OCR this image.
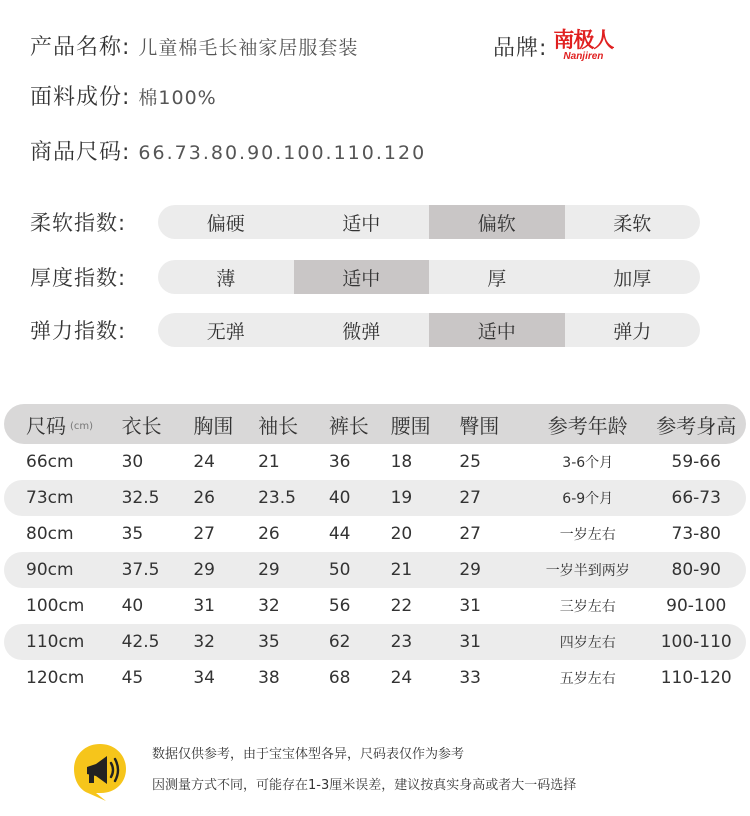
产品名称: 儿童棉毛长袖家居服套装	品牌: 南极人
Nanjiren
面料成份: 棉100%
商品尺码: 66.73.80.90.100.110.120
柔软指数:	偏硬	适中	偏软	柔软
厚度指数:	薄	适中	厚	加厚
弹力指数:	无弹	微弹	适中	弹力
尺码 (cm)	衣长	胸围	袖长	裤长	腰围	臀围	参考年龄	参考身高
66cm	30	24	21	36	18	25	3-6个月	59-66
73cm	32.5	26	23.5	40	19	27	6-9个月	66-73
80cm	35	27	26	44	20	27	一岁左右	73-80
90cm	37.5	29	29	50	21	29	一岁半到两岁	80-90
100cm	40	31	32	56	22	31	三岁左右	90-100
110cm	42.5	32	35	62	23	31	四岁左右	100-110
120cm	45	34	38	68	24	33	五岁左右	110-120
数据仅供参考，由于宝宝体型各异，尺码表仅作为参考
因测量方式不同，可能存在1-3厘米误差，建议按真实身高或者大一码选择
